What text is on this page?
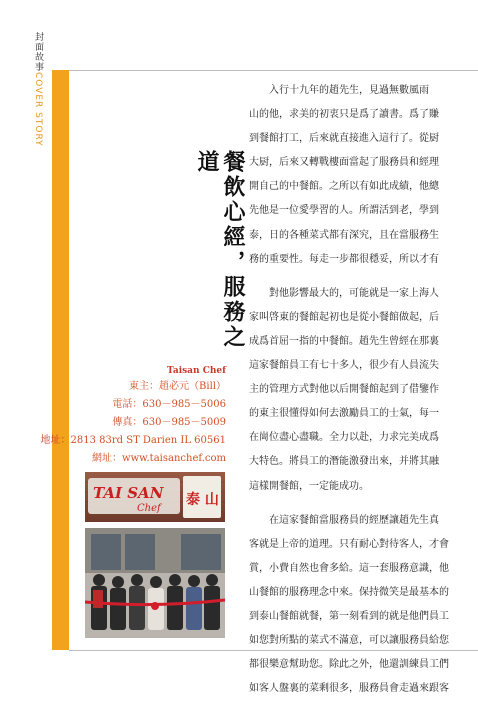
封面故事COVER STORY
餐飲心經，服務之道
Taisan Chef
東主：趙必元（Bill）
電話：630－985－5006
傳真：630－985－5009
地址：2813 83rd ST Darien IL 60561
網址：www.taisanchef.com
TAI SAN
Chef
泰 山

　　入行十九年的趙先生，見過無數風雨
山的他，求美的初衷只是爲了讀書。爲了賺
到餐館打工，后來就直接進入這行了。從厨
大厨，后來又轉戰樓面當起了服務員和經理
開自己的中餐館。之所以有如此成績，他總
先他是一位愛學習的人。所謂活到老，學到
泰，日的各種菜式都有深究，且在當服務生
務的重要性。每走一步都很穩妥，所以才有

　　對他影響最大的，可能就是一家上海人
家叫啓東的餐館起初也是從小餐館做起，后
成爲首屈一指的中餐館。趙先生曾經在那裏
這家餐館員工有七十多人，很少有人員流失
主的管理方式對他以后開餐館起到了借鑒作
的東主很懂得如何去激勵員工的士氣，每一
在崗位盡心盡職。全力以赴，力求完美成爲
大特色。將員工的潛能激發出來，并將其融
這樣開餐館，一定能成功。

　　在這家餐館當服務員的經歷讓趙先生真
客就是上帝的道理。只有耐心對待客人，才會
賞，小費自然也會多給。這一套服務意識，他
山餐館的服務理念中來。保持微笑是最基本的
到泰山餐館就餐，第一刻看到的就是他們員工
如您對所點的菜式不滿意，可以讓服務員給您
都很樂意幫助您。除此之外，他還訓練員工們
如客人盤裏的菜剩很多，服務員會走過來跟客
